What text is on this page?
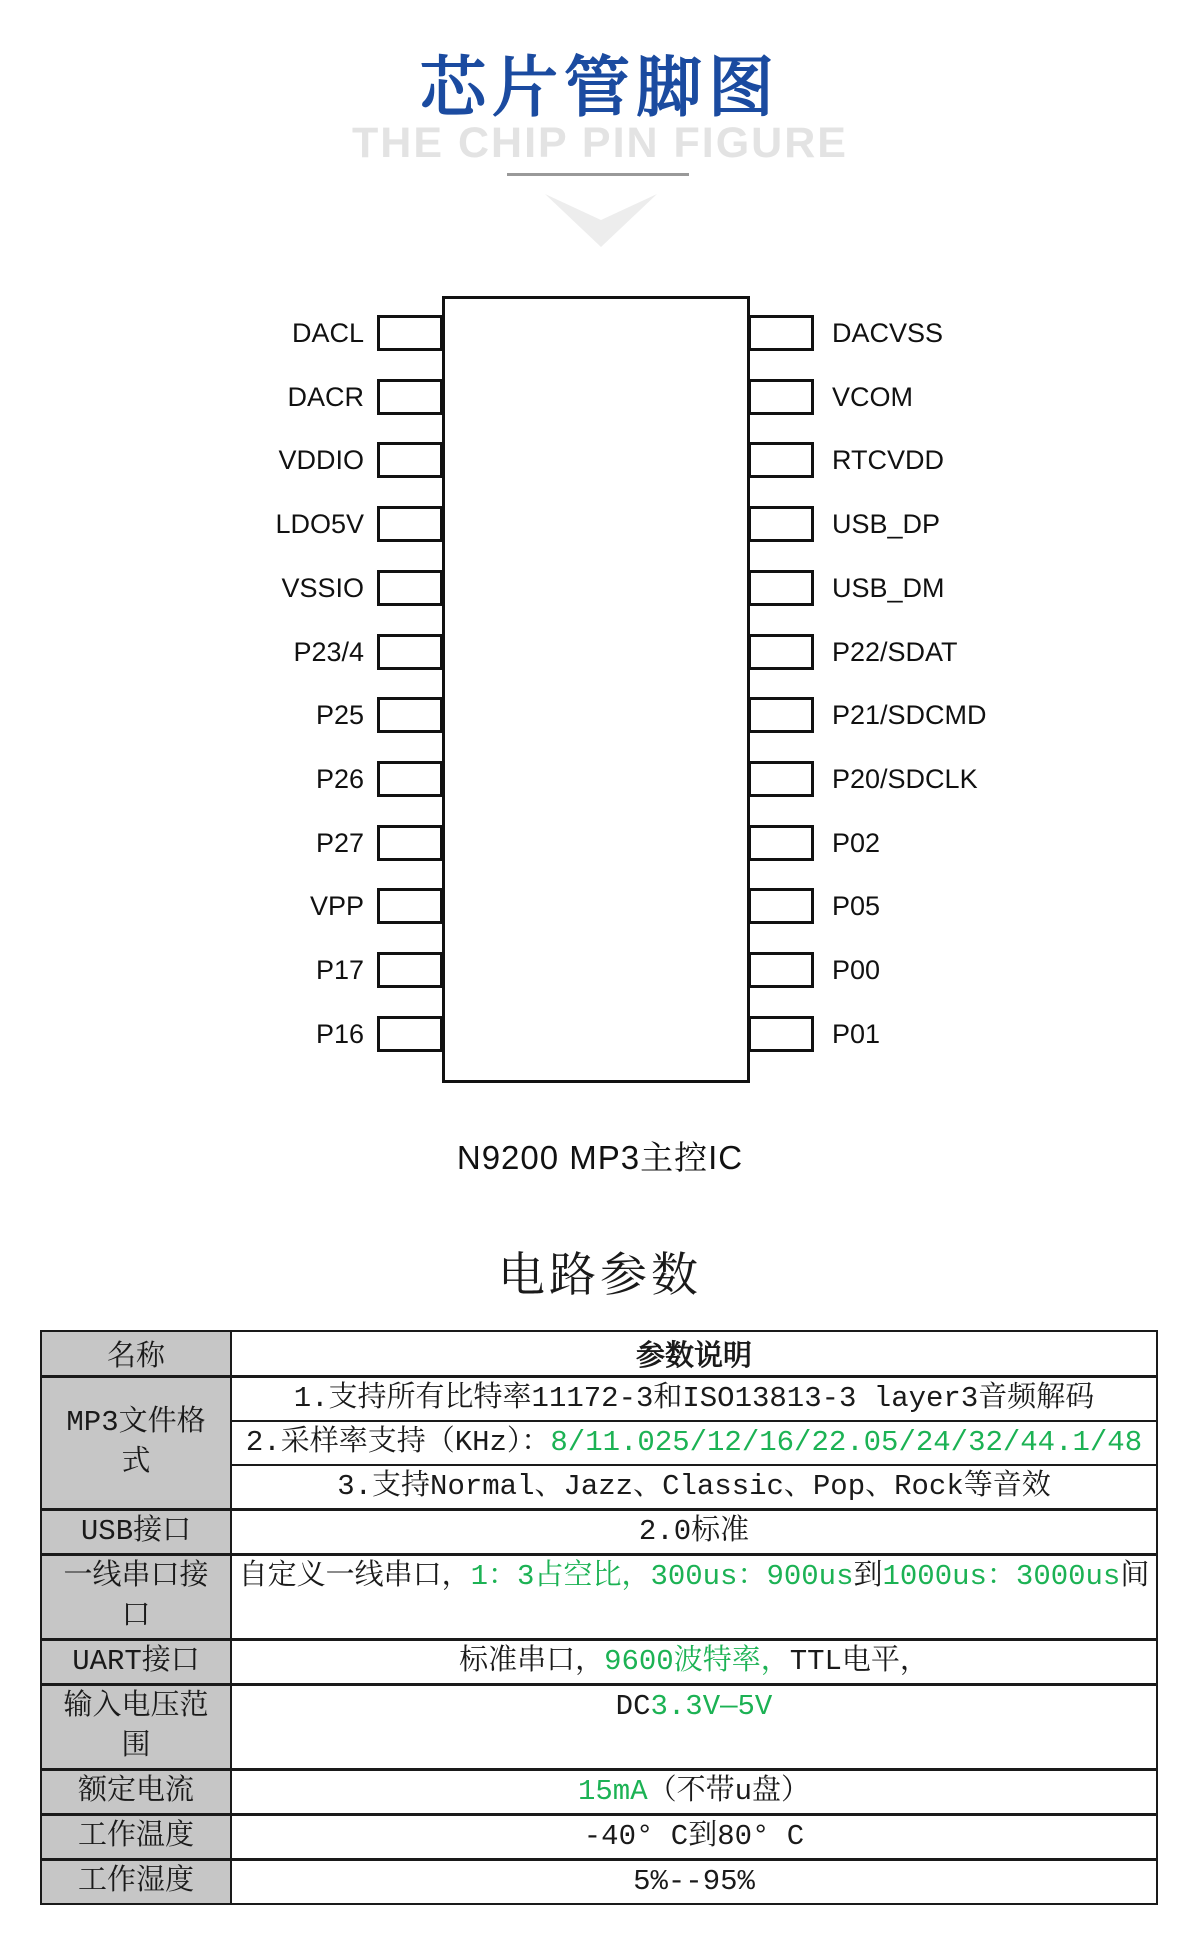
芯片管脚图
THE CHIP PIN FIGURE
N9200 MP3主控IC
电路参数
名称	参数说明
MP3文件格式	1.支持所有比特率11172-3和ISO13813-3 layer3音频解码
	2.采样率支持（KHz）：8/11.025/12/16/22.05/24/32/44.1/48
	3.支持Normal、Jazz、Classic、Pop、Rock等音效
USB接口	2.0标准
一线串口接口	自定义一线串口，1：3占空比，300us：900us到1000us：3000us间
UART接口	标准串口，9600波特率，TTL电平，
输入电压范围	DC3.3V—5V
额定电流	15mA（不带u盘）
工作温度	-40° C到80° C
工作湿度	5%--95%
DACL
DACR
VDDIO
LDO5V
VSSIO
P23/4
P25
P26
P27
VPP
P17
P16
DACVSS
VCOM
RTCVDD
USB_DP
USB_DM
P22/SDAT
P21/SDCMD
P20/SDCLK
P02
P05
P00
P01
